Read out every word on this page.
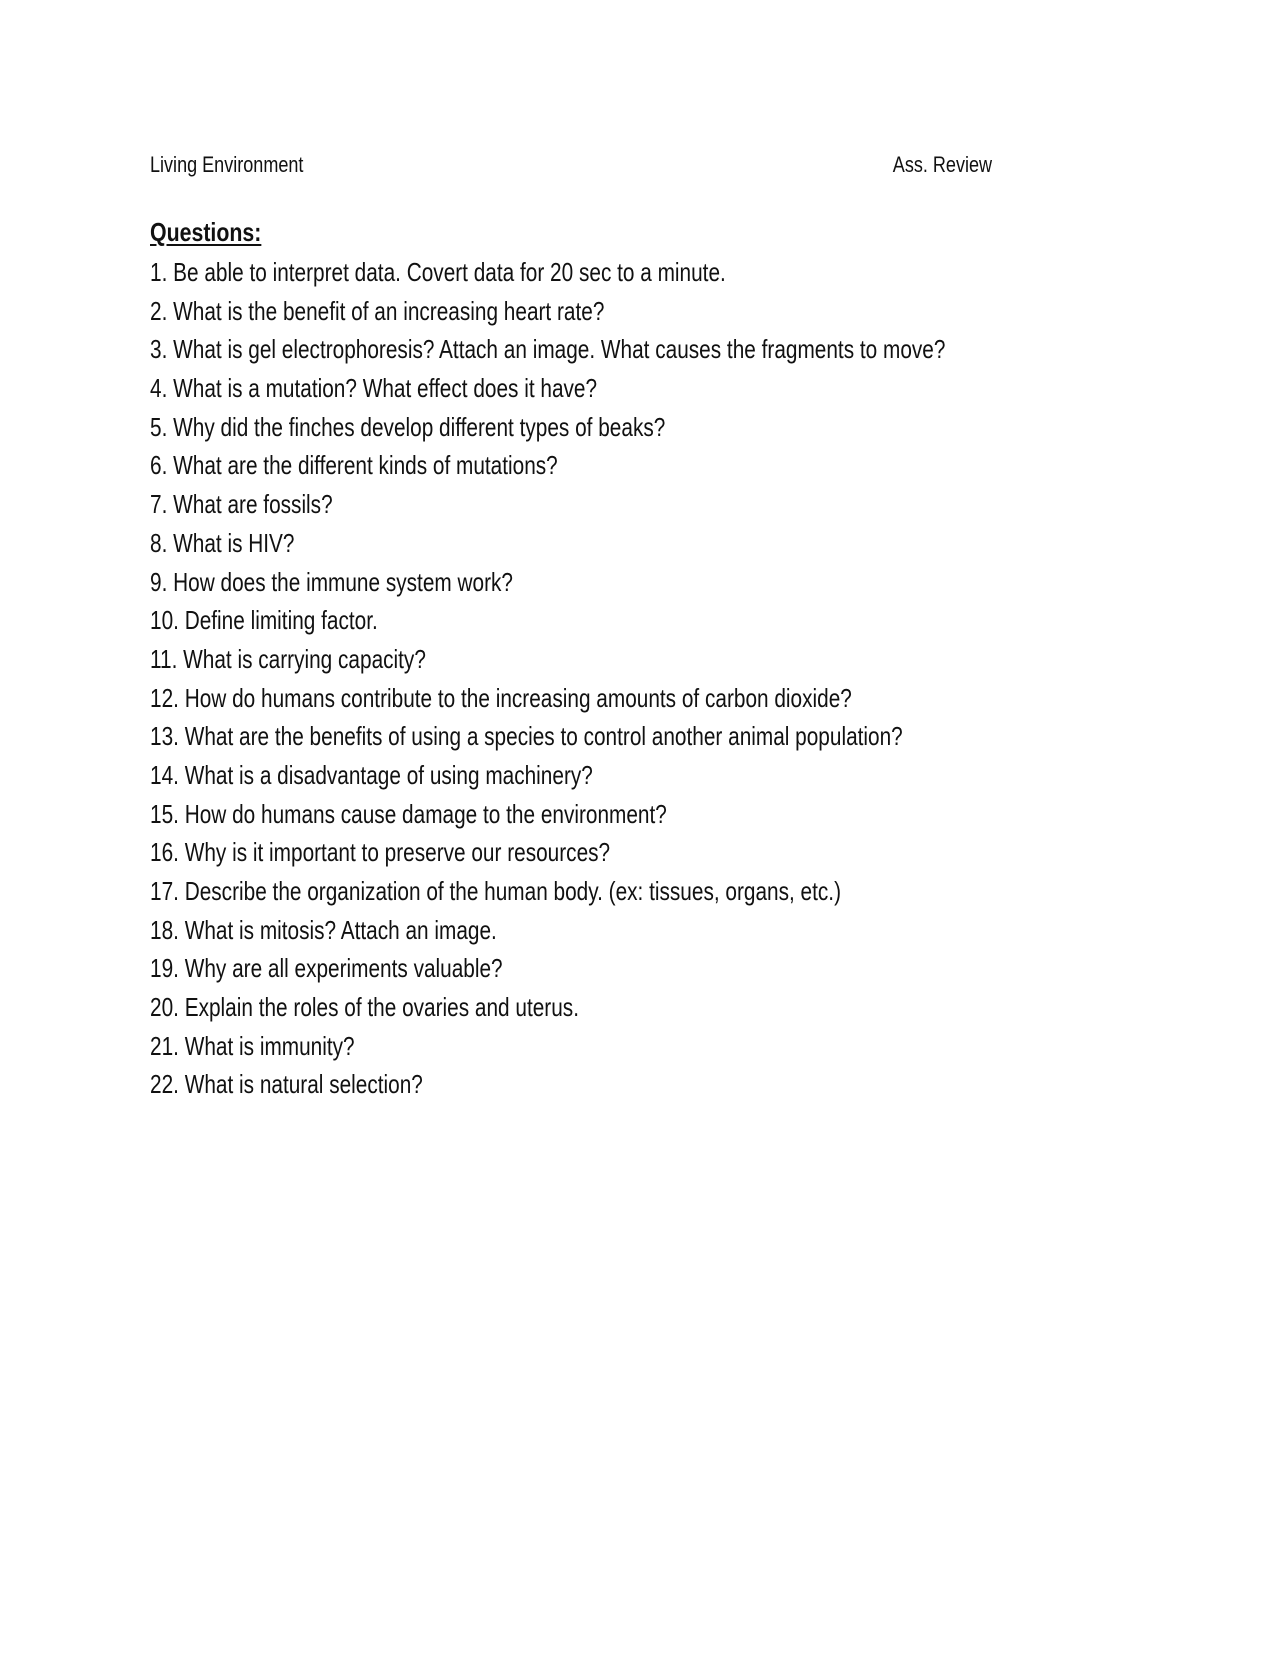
Living Environment	Ass. Review
Questions:
1. Be able to interpret data. Covert data for 20 sec to a minute.
2. What is the benefit of an increasing heart rate?
3. What is gel electrophoresis? Attach an image. What causes the fragments to move?
4. What is a mutation? What effect does it have?
5. Why did the finches develop different types of beaks?
6. What are the different kinds of mutations?
7. What are fossils?
8. What is HIV?
9. How does the immune system work?
10. Define limiting factor.
11. What is carrying capacity?
12. How do humans contribute to the increasing amounts of carbon dioxide?
13. What are the benefits of using a species to control another animal population?
14. What is a disadvantage of using machinery?
15. How do humans cause damage to the environment?
16. Why is it important to preserve our resources?
17. Describe the organization of the human body. (ex: tissues, organs, etc.)
18. What is mitosis? Attach an image.
19. Why are all experiments valuable?
20. Explain the roles of the ovaries and uterus.
21. What is immunity?
22. What is natural selection?
